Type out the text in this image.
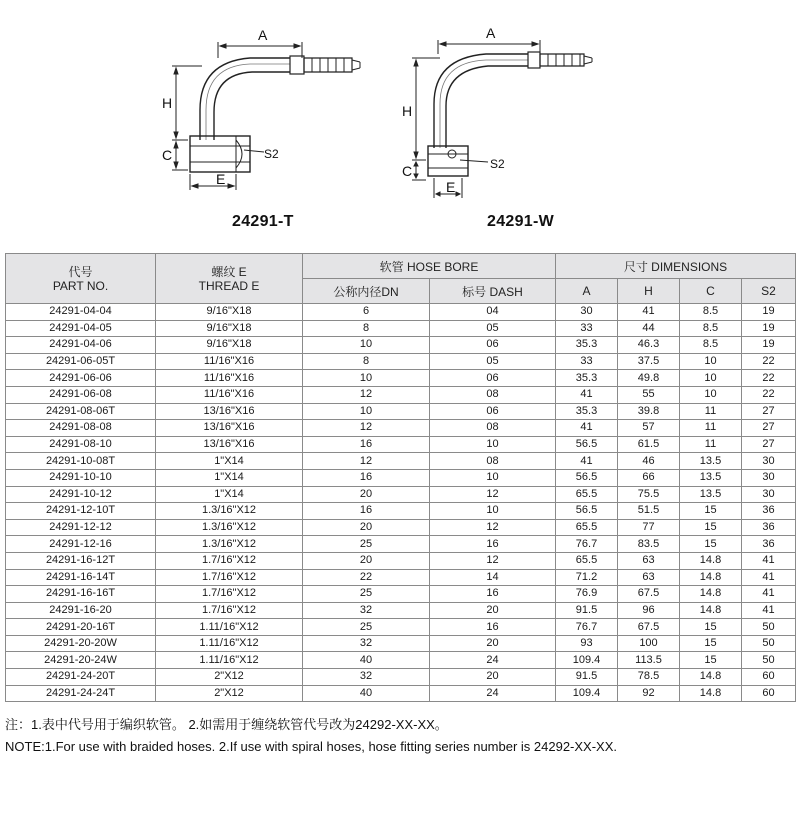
A
H
C
E
S2
A
H
C
E
S2
24291-T	24291-W
代号
PART NO.	螺纹 E
THREAD E	软管 HOSE BORE		尺寸 DIMENSIONS			
		公称内径DN	标号 DASH	A	H	C	S2
24291-04-04	9/16"X18	6	04	30	41	8.5	19
24291-04-05	9/16"X18	8	05	33	44	8.5	19
24291-04-06	9/16"X18	10	06	35.3	46.3	8.5	19
24291-06-05T	11/16"X16	8	05	33	37.5	10	22
24291-06-06	11/16"X16	10	06	35.3	49.8	10	22
24291-06-08	11/16"X16	12	08	41	55	10	22
24291-08-06T	13/16"X16	10	06	35.3	39.8	11	27
24291-08-08	13/16"X16	12	08	41	57	11	27
24291-08-10	13/16"X16	16	10	56.5	61.5	11	27
24291-10-08T	1"X14	12	08	41	46	13.5	30
24291-10-10	1"X14	16	10	56.5	66	13.5	30
24291-10-12	1"X14	20	12	65.5	75.5	13.5	30
24291-12-10T	1.3/16"X12	16	10	56.5	51.5	15	36
24291-12-12	1.3/16"X12	20	12	65.5	77	15	36
24291-12-16	1.3/16"X12	25	16	76.7	83.5	15	36
24291-16-12T	1.7/16"X12	20	12	65.5	63	14.8	41
24291-16-14T	1.7/16"X12	22	14	71.2	63	14.8	41
24291-16-16T	1.7/16"X12	25	16	76.9	67.5	14.8	41
24291-16-20	1.7/16"X12	32	20	91.5	96	14.8	41
24291-20-16T	1.11/16"X12	25	16	76.7	67.5	15	50
24291-20-20W	1.11/16"X12	32	20	93	100	15	50
24291-20-24W	1.11/16"X12	40	24	109.4	113.5	15	50
24291-24-20T	2"X12	32	20	91.5	78.5	14.8	60
24291-24-24T	2"X12	40	24	109.4	92	14.8	60
注：1.表中代号用于编织软管。 2.如需用于缠绕软管代号改为24292-XX-XX。
NOTE:1.For use with braided hoses. 2.If use with spiral hoses, hose fitting series number is 24292-XX-XX.
